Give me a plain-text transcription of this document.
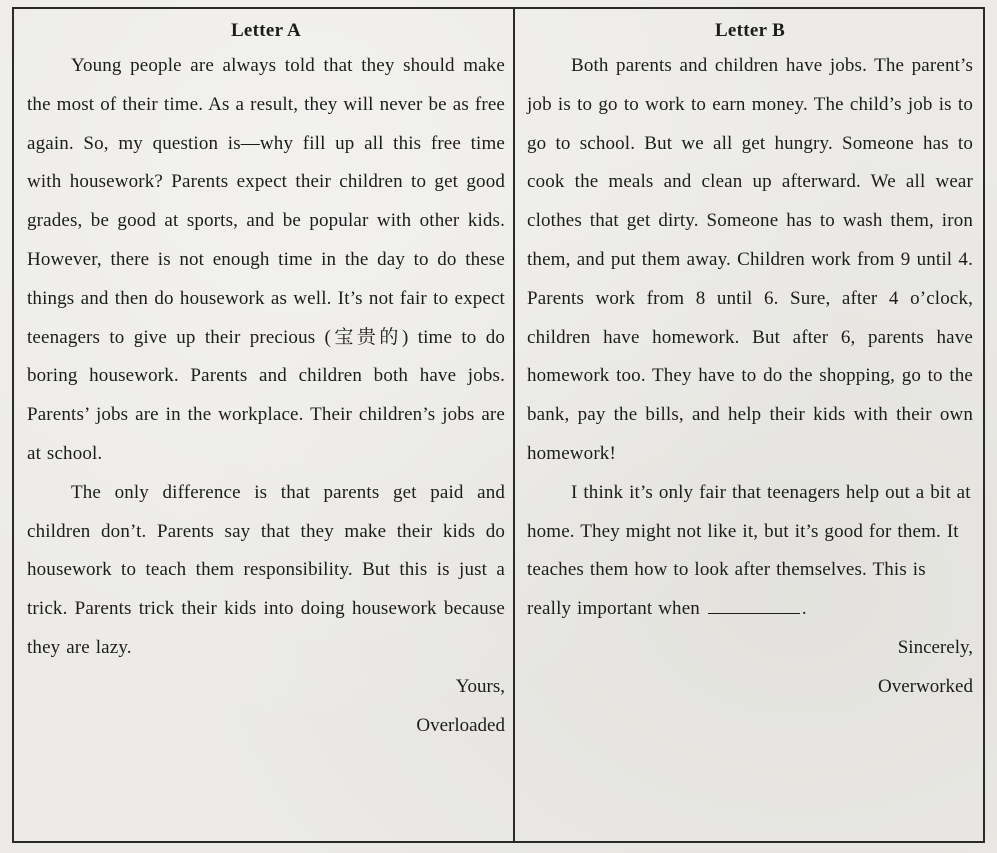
Letter A

Young people are always told that they should make the most of their time. As a result, they will never be as free again. So, my question is—why fill up all this free time with housework? Parents expect their children to get good grades, be good at sports, and be popular with other kids. However, there is not enough time in the day to do these things and then do housework as well. It’s not fair to expect teenagers to give up their precious (宝贵的) time to do boring housework. Parents and children both have jobs. Parents’ jobs are in the workplace. Their children’s jobs are at school.

The only difference is that parents get paid and children don’t. Parents say that they make their kids do housework to teach them responsibility. But this is just a trick. Parents trick their kids into doing housework because they are lazy.

Yours,

Overloaded

Letter B

Both parents and children have jobs. The parent’s job is to go to work to earn money. The child’s job is to go to school. But we all get hungry. Someone has to cook the meals and clean up afterward. We all wear clothes that get dirty. Someone has to wash them, iron them, and put them away. Children work from 9 until 4. Parents work from 8 until 6. Sure, after 4 o’clock, children have homework. But after 6, parents have homework too. They have to do the shopping, go to the bank, pay the bills, and help their kids with their own homework!

I think it’s only fair that teenagers help out a bit at home. They might not like it, but it’s good for them. It teaches them how to look after themselves. This is really important when	.

Sincerely,

Overworked
